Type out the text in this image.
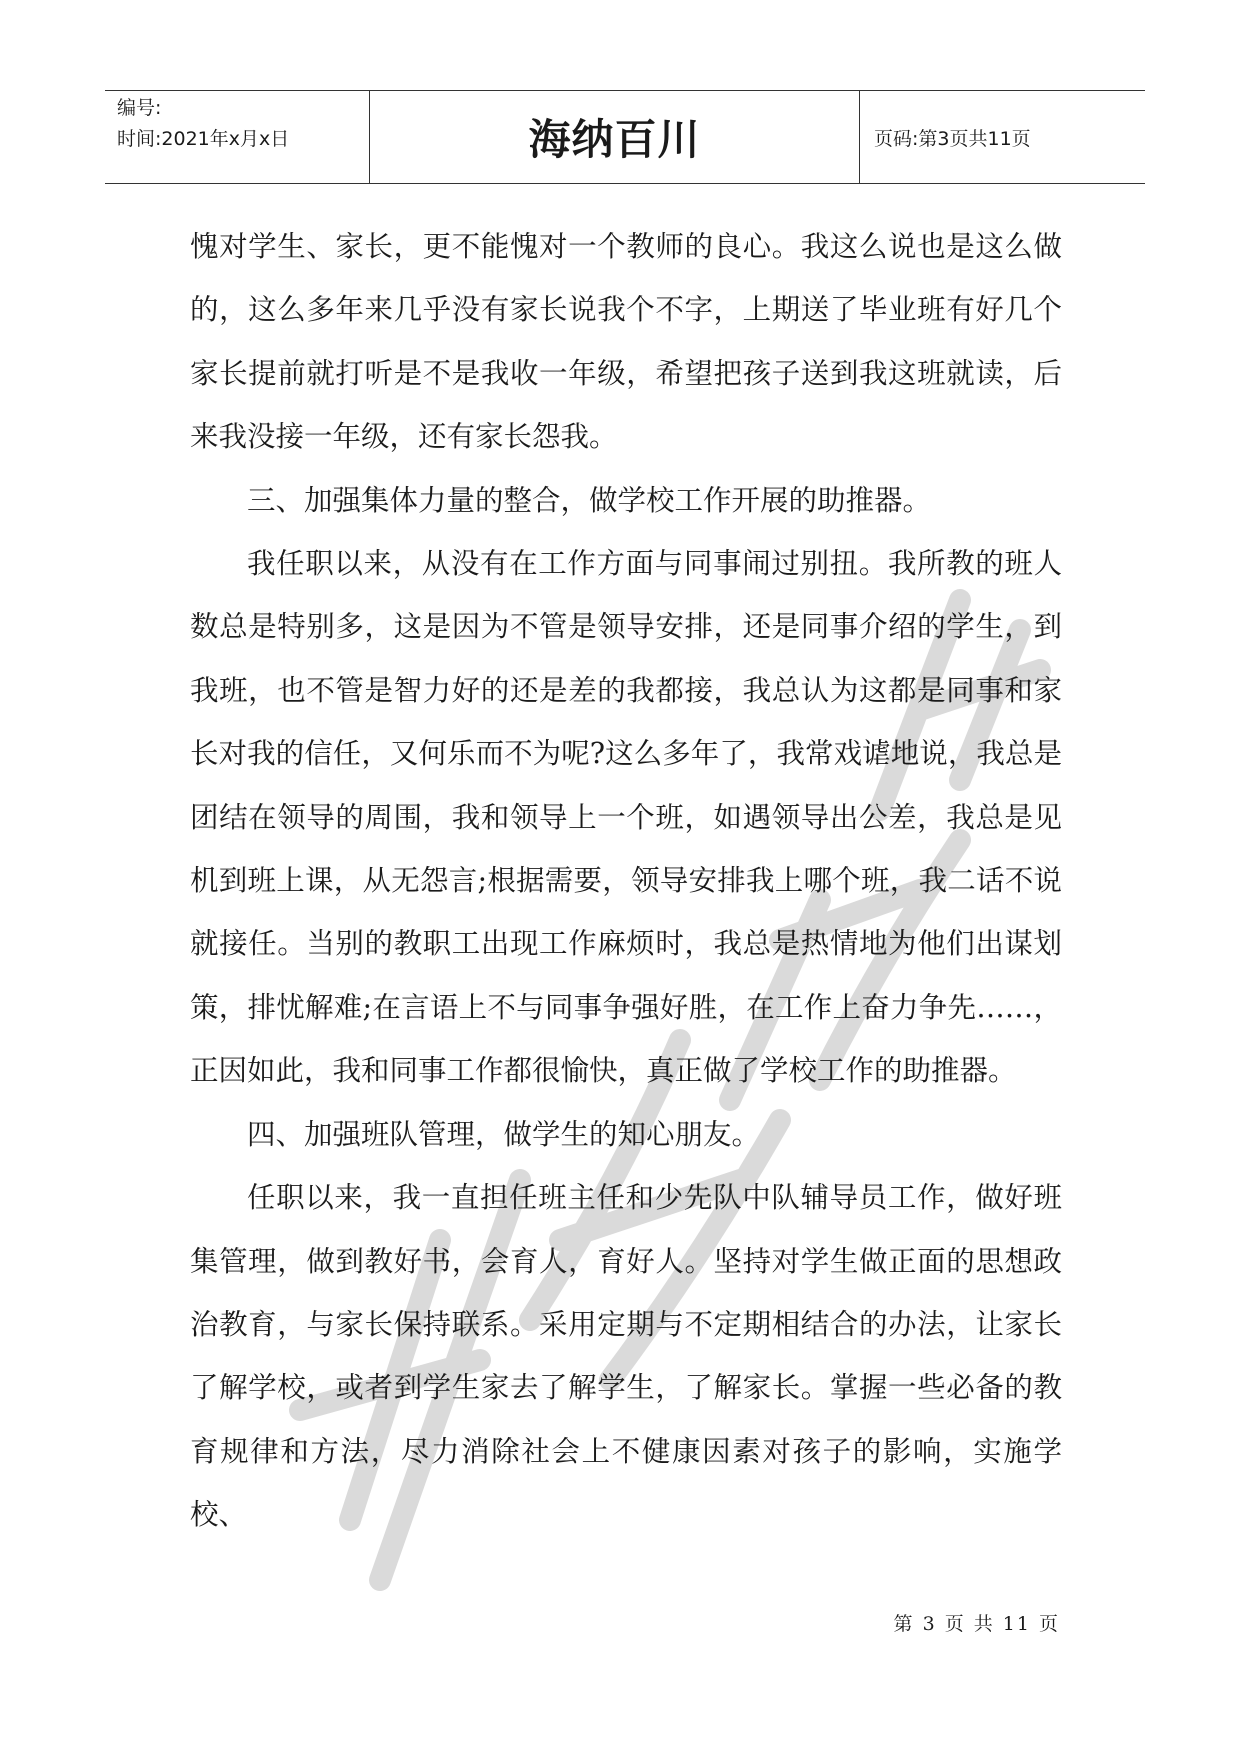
编号:
时间:2021年x月x日	海纳百川	页码:第3页共11页

愧对学生、家长，更不能愧对一个教师的良心。我这么说也是这么做的，这么多年来几乎没有家长说我个不字，上期送了毕业班有好几个家长提前就打听是不是我收一年级，希望把孩子送到我这班就读，后来我没接一年级，还有家长怨我。

三、加强集体力量的整合，做学校工作开展的助推器。

我任职以来，从没有在工作方面与同事闹过别扭。我所教的班人数总是特别多，这是因为不管是领导安排，还是同事介绍的学生，到我班，也不管是智力好的还是差的我都接，我总认为这都是同事和家长对我的信任，又何乐而不为呢?这么多年了，我常戏谑地说，我总是团结在领导的周围，我和领导上一个班，如遇领导出公差，我总是见机到班上课，从无怨言;根据需要，领导安排我上哪个班，我二话不说就接任。当别的教职工出现工作麻烦时，我总是热情地为他们出谋划策，排忧解难;在言语上不与同事争强好胜，在工作上奋力争先……，正因如此，我和同事工作都很愉快，真正做了学校工作的助推器。

四、加强班队管理，做学生的知心朋友。

任职以来，我一直担任班主任和少先队中队辅导员工作，做好班集管理，做到教好书，会育人，育好人。坚持对学生做正面的思想政治教育，与家长保持联系。采用定期与不定期相结合的办法，让家长了解学校，或者到学生家去了解学生，了解家长。掌握一些必备的教育规律和方法，尽力消除社会上不健康因素对孩子的影响，实施学校、

第 3 页 共 11 页
